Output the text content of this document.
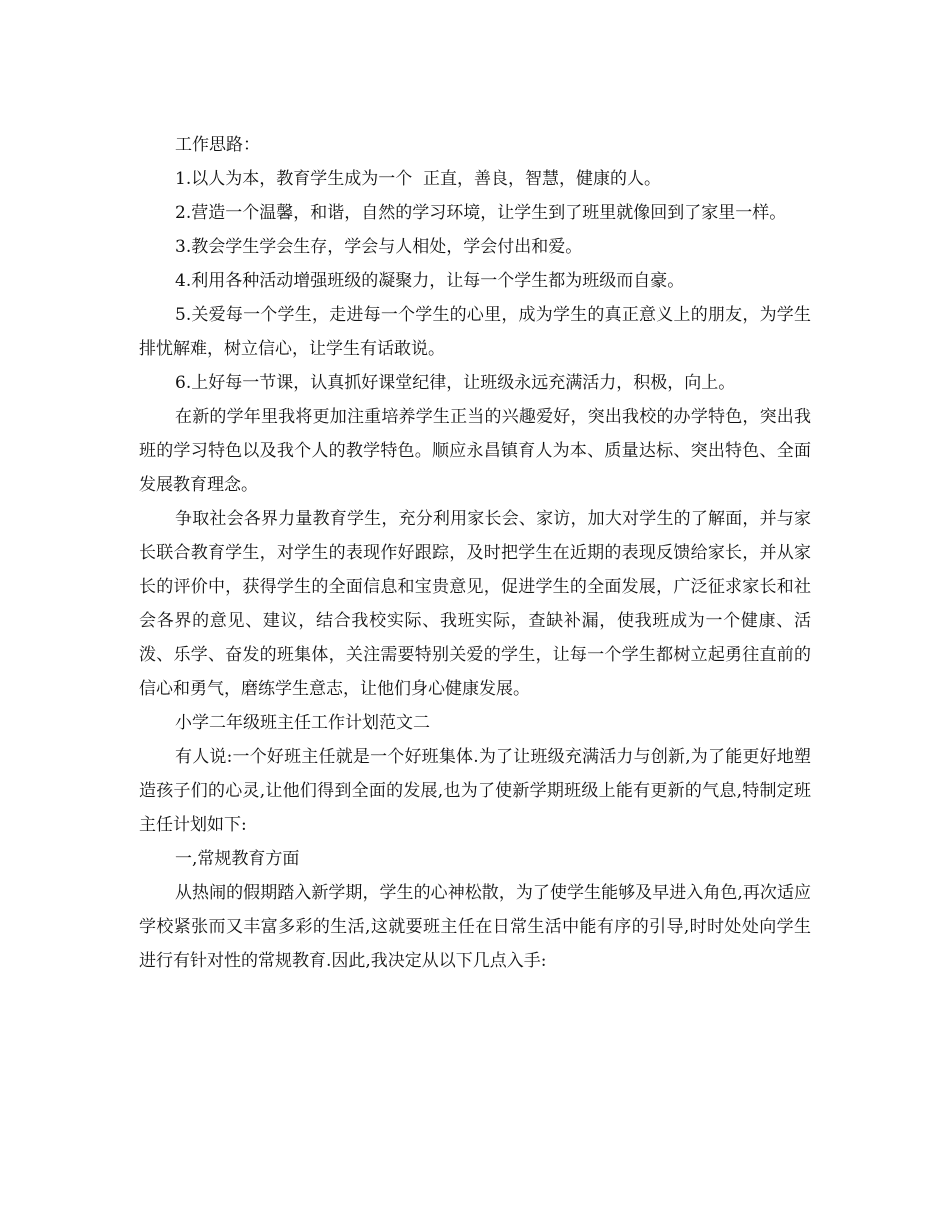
工作思路：

1.以人为本，教育学生成为一个  正直，善良，智慧，健康的人。

2.营造一个温馨，和谐，自然的学习环境，让学生到了班里就像回到了家里一样。

3.教会学生学会生存，学会与人相处，学会付出和爱。

4.利用各种活动增强班级的凝聚力，让每一个学生都为班级而自豪。

5.关爱每一个学生，走进每一个学生的心里，成为学生的真正意义上的朋友，为学生排忧解难，树立信心，让学生有话敢说。

6.上好每一节课，认真抓好课堂纪律，让班级永远充满活力，积极，向上。

在新的学年里我将更加注重培养学生正当的兴趣爱好，突出我校的办学特色，突出我班的学习特色以及我个人的教学特色。顺应永昌镇育人为本、质量达标、突出特色、全面发展教育理念。

争取社会各界力量教育学生，充分利用家长会、家访，加大对学生的了解面，并与家长联合教育学生，对学生的表现作好跟踪，及时把学生在近期的表现反馈给家长，并从家长的评价中，获得学生的全面信息和宝贵意见，促进学生的全面发展，广泛征求家长和社会各界的意见、建议，结合我校实际、我班实际，查缺补漏，使我班成为一个健康、活泼、乐学、奋发的班集体，关注需要特别关爱的学生，让每一个学生都树立起勇往直前的信心和勇气，磨练学生意志，让他们身心健康发展。

小学二年级班主任工作计划范文二

有人说:一个好班主任就是一个好班集体.为了让班级充满活力与创新,为了能更好地塑造孩子们的心灵,让他们得到全面的发展,也为了使新学期班级上能有更新的气息,特制定班主任计划如下:

一,常规教育方面

从热闹的假期踏入新学期，学生的心神松散，为了使学生能够及早进入角色,再次适应学校紧张而又丰富多彩的生活,这就要班主任在日常生活中能有序的引导,时时处处向学生进行有针对性的常规教育.因此,我决定从以下几点入手:
